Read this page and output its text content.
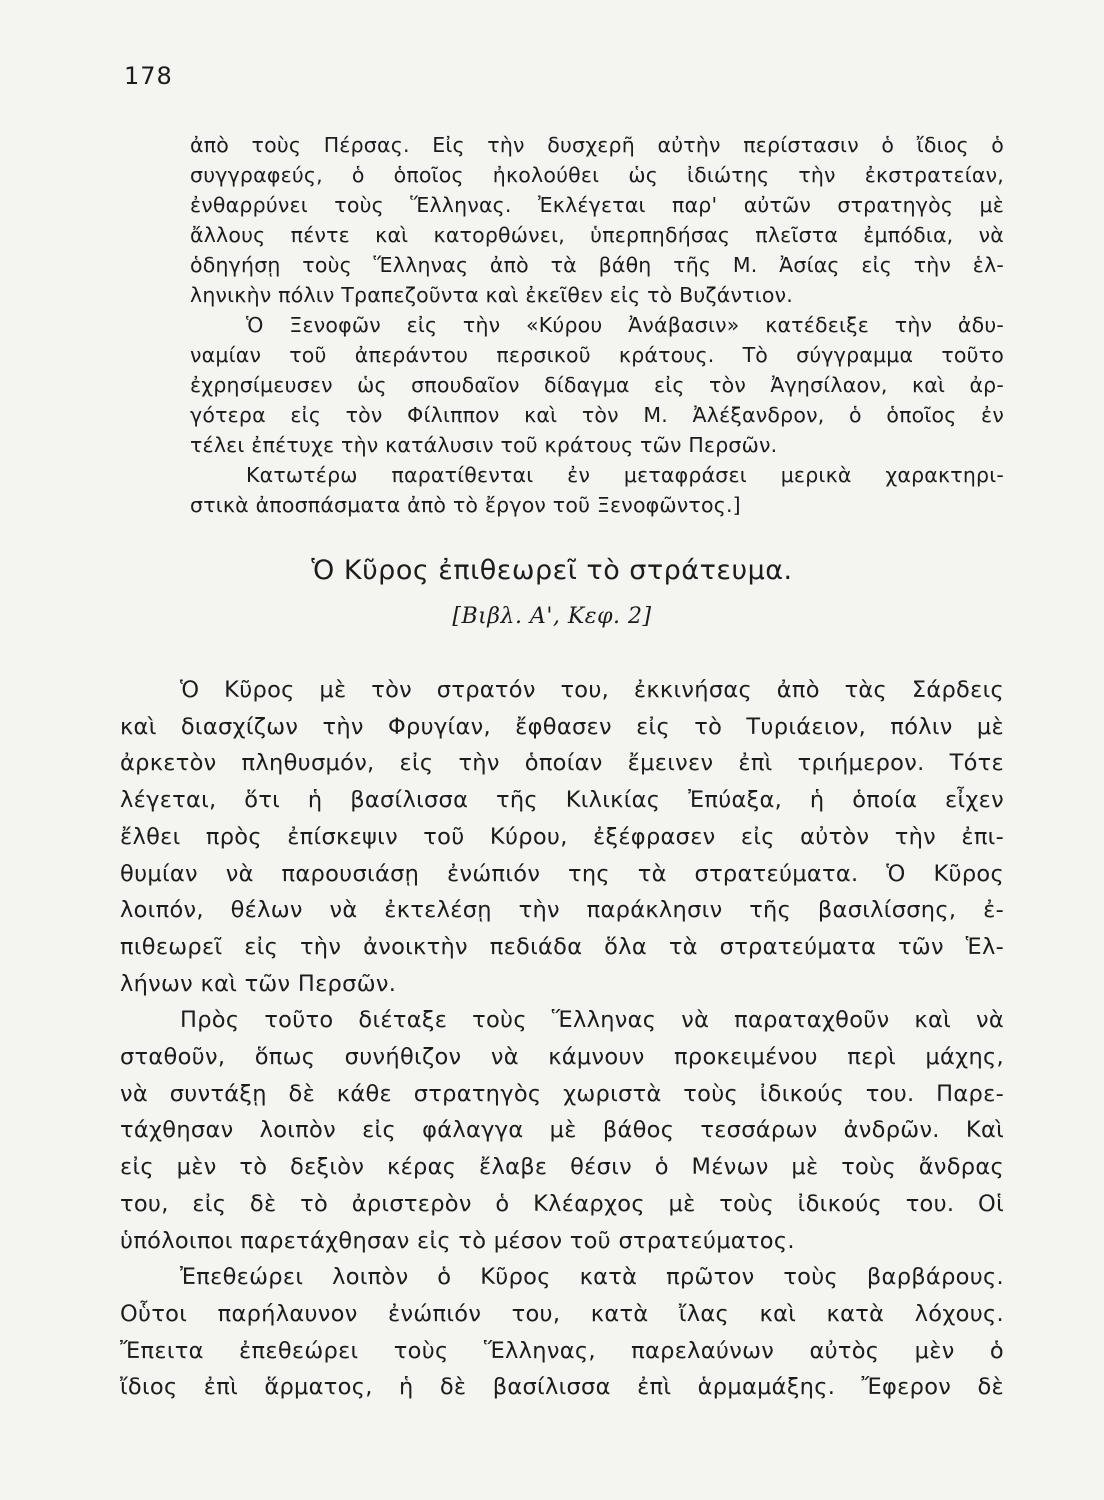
178
ἀπὸ τοὺς Πέρσας. Εἰς τὴν δυσχερῆ αὐτὴν περίστασιν ὁ ἴδιος ὁ
συγγραφεύς, ὁ ὁποῖος ἠκολούθει ὡς ἰδιώτης τὴν ἐκστρατείαν,
ἐνθαρρύνει τοὺς Ἕλληνας. Ἐκλέγεται παρ' αὐτῶν στρατηγὸς μὲ
ἄλλους πέντε καὶ κατορθώνει, ὑπερπηδήσας πλεῖστα ἐμπόδια, νὰ
ὁδηγήσῃ τοὺς Ἕλληνας ἀπὸ τὰ βάθη τῆς Μ. Ἀσίας εἰς τὴν ἑλ-
ληνικὴν πόλιν Τραπεζοῦντα καὶ ἐκεῖθεν εἰς τὸ Βυζάντιον.
Ὁ Ξενοφῶν εἰς τὴν «Κύρου Ἀνάβασιν» κατέδειξε τὴν ἀδυ-
ναμίαν τοῦ ἀπεράντου περσικοῦ κράτους. Τὸ σύγγραμμα τοῦτο
ἐχρησίμευσεν ὡς σπουδαῖον δίδαγμα εἰς τὸν Ἀγησίλαον, καὶ ἀρ-
γότερα εἰς τὸν Φίλιππον καὶ τὸν Μ. Ἀλέξανδρον, ὁ ὁποῖος ἐν
τέλει ἐπέτυχε τὴν κατάλυσιν τοῦ κράτους τῶν Περσῶν.
Κατωτέρω παρατίθενται ἐν μεταφράσει μερικὰ χαρακτηρι-
στικὰ ἀποσπάσματα ἀπὸ τὸ ἔργον τοῦ Ξενοφῶντος.]
Ὁ Κῦρος ἐπιθεωρεῖ τὸ στράτευμα.
[Βιβλ. Α', Κεφ. 2]
Ὁ Κῦρος μὲ τὸν στρατόν του, ἐκκινήσας ἀπὸ τὰς Σάρδεις
καὶ διασχίζων τὴν Φρυγίαν, ἔφθασεν εἰς τὸ Τυριάειον, πόλιν μὲ
ἀρκετὸν πληθυσμόν, εἰς τὴν ὁποίαν ἔμεινεν ἐπὶ τριήμερον. Τότε
λέγεται, ὅτι ἡ βασίλισσα τῆς Κιλικίας Ἐπύαξα, ἡ ὁποία εἶχεν
ἔλθει πρὸς ἐπίσκεψιν τοῦ Κύρου, ἐξέφρασεν εἰς αὐτὸν τὴν ἐπι-
θυμίαν νὰ παρουσιάσῃ ἐνώπιόν της τὰ στρατεύματα. Ὁ Κῦρος
λοιπόν, θέλων νὰ ἐκτελέσῃ τὴν παράκλησιν τῆς βασιλίσσης, ἐ-
πιθεωρεῖ εἰς τὴν ἀνοικτὴν πεδιάδα ὅλα τὰ στρατεύματα τῶν Ἑλ-
λήνων καὶ τῶν Περσῶν.
Πρὸς τοῦτο διέταξε τοὺς Ἕλληνας νὰ παραταχθοῦν καὶ νὰ
σταθοῦν, ὅπως συνήθιζον νὰ κάμνουν προκειμένου περὶ μάχης,
νὰ συντάξῃ δὲ κάθε στρατηγὸς χωριστὰ τοὺς ἰδικούς του. Παρε-
τάχθησαν λοιπὸν εἰς φάλαγγα μὲ βάθος τεσσάρων ἀνδρῶν. Καὶ
εἰς μὲν τὸ δεξιὸν κέρας ἔλαβε θέσιν ὁ Μένων μὲ τοὺς ἄνδρας
του, εἰς δὲ τὸ ἀριστερὸν ὁ Κλέαρχος μὲ τοὺς ἰδικούς του. Οἱ
ὑπόλοιποι παρετάχθησαν εἰς τὸ μέσον τοῦ στρατεύματος.
Ἐπεθεώρει λοιπὸν ὁ Κῦρος κατὰ πρῶτον τοὺς βαρβάρους.
Οὗτοι παρήλαυνον ἐνώπιόν του, κατὰ ἴλας καὶ κατὰ λόχους.
Ἔπειτα ἐπεθεώρει τοὺς Ἕλληνας, παρελαύνων αὐτὸς μὲν ὁ
ἴδιος ἐπὶ ἅρματος, ἡ δὲ βασίλισσα ἐπὶ ἁρμαμάξης. Ἔφερον δὲ
